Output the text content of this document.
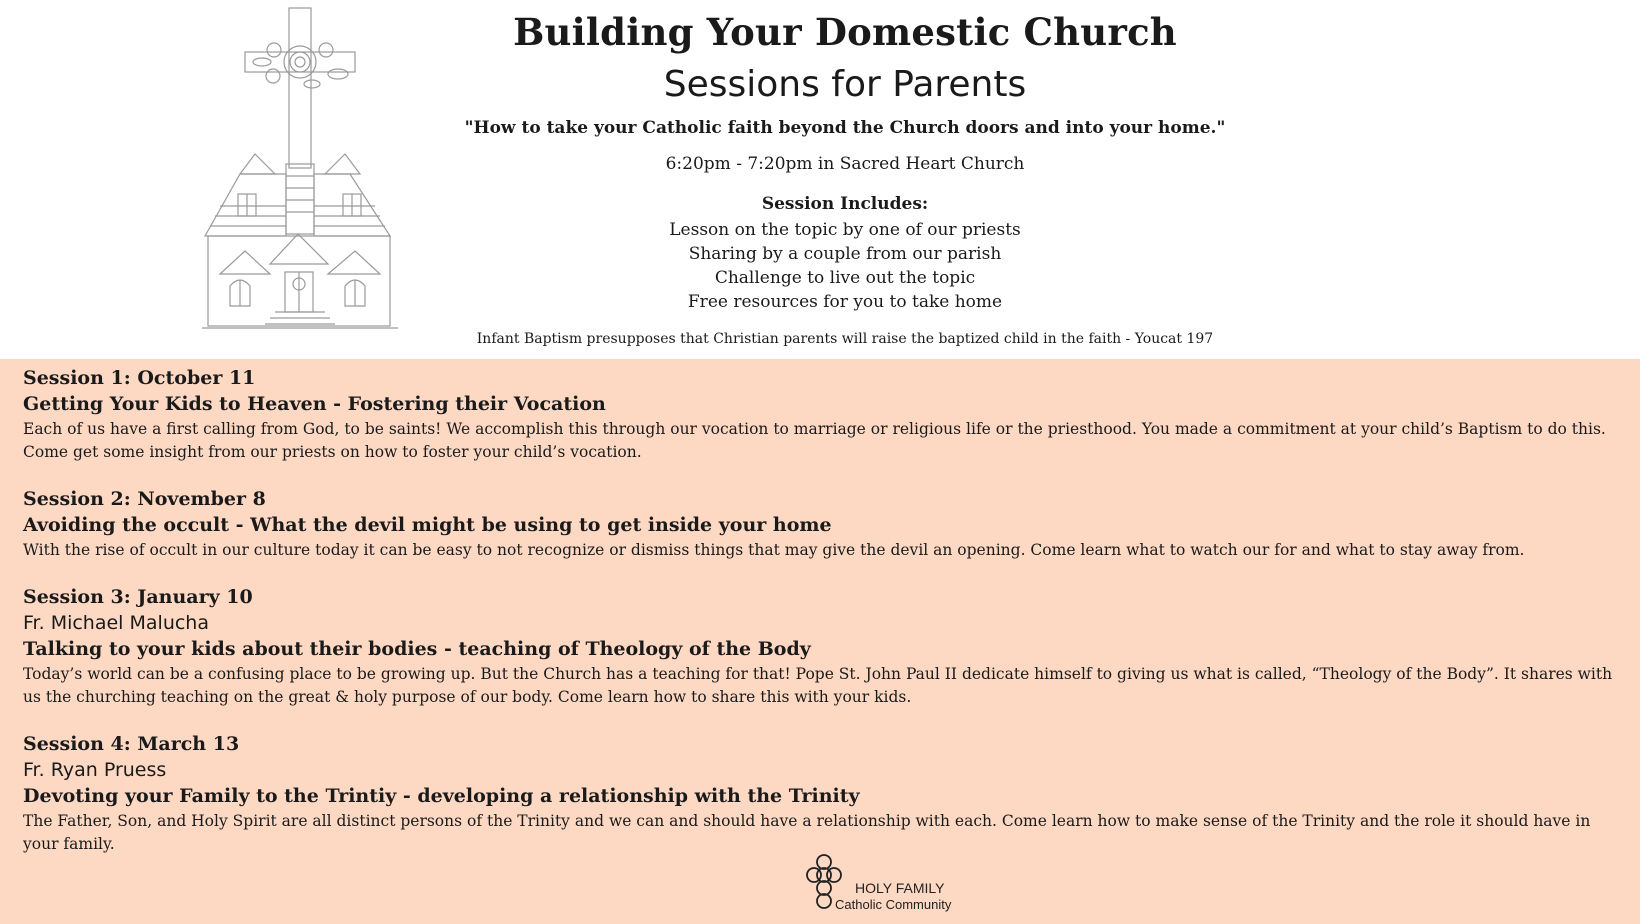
Building Your Domestic Church
Sessions for Parents
"How to take your Catholic faith beyond the Church doors and into your home."
6:20pm - 7:20pm in Sacred Heart Church
Session Includes:
Lesson on the topic by one of our priests
Sharing by a couple from our parish
Challenge to live out the topic
Free resources for you to take home
Infant Baptism presupposes that Christian parents will raise the baptized child in the faith - Youcat 197
Session 1: October 11
Getting Your Kids to Heaven - Fostering their Vocation
Each of us have a first calling from God, to be saints! We accomplish this through our vocation to marriage or religious life or the priesthood. You made a commitment at your child’s Baptism to do this. Come get some insight from our priests on how to foster your child’s vocation.
Session 2: November 8
Avoiding the occult - What the devil might be using to get inside your home
With the rise of occult in our culture today it can be easy to not recognize or dismiss things that may give the devil an opening. Come learn what to watch our for and what to stay away from.
Session 3: January 10
Fr. Michael Malucha
Talking to your kids about their bodies - teaching of Theology of the Body
Today’s world can be a confusing place to be growing up. But the Church has a teaching for that! Pope St. John Paul II dedicate himself to giving us what is called, “Theology of the Body”. It shares with us the churching teaching on the great & holy purpose of our body. Come learn how to share this with your kids.
Session 4: March 13
Fr. Ryan Pruess
Devoting your Family to the Trintiy - developing a relationship with the Trinity
The Father, Son, and Holy Spirit are all distinct persons of the Trinity and we can and should have a relationship with each. Come learn how to make sense of the Trinity and the role it should have in your family.
HOLY FAMILY
Catholic Community
